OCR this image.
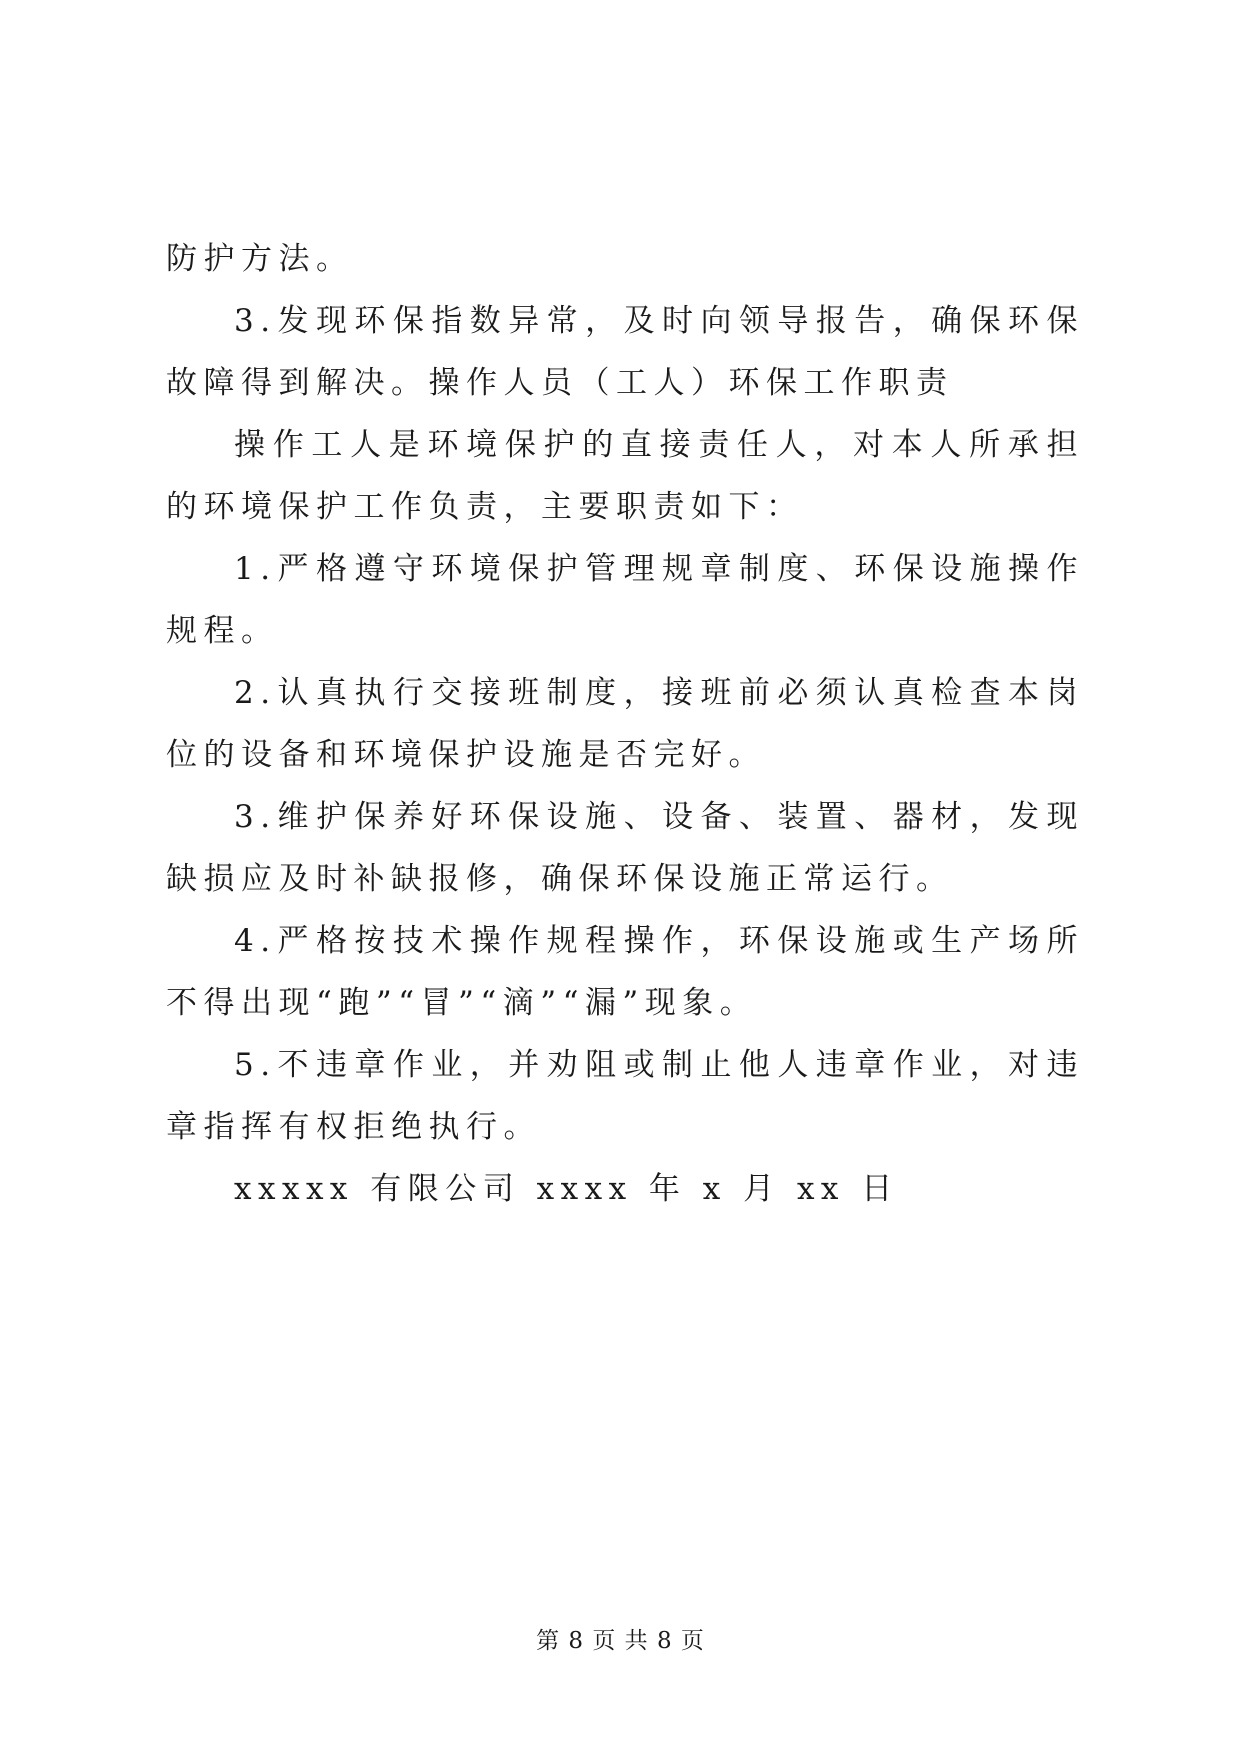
防护方法。

3.发现环保指数异常，及时向领导报告，确保环保故障得到解决。操作人员（工人）环保工作职责

操作工人是环境保护的直接责任人，对本人所承担的环境保护工作负责，主要职责如下：

1.严格遵守环境保护管理规章制度、环保设施操作规程。

2.认真执行交接班制度，接班前必须认真检查本岗位的设备和环境保护设施是否完好。

3.维护保养好环保设施、设备、装置、器材，发现缺损应及时补缺报修，确保环保设施正常运行。

4.严格按技术操作规程操作，环保设施或生产场所不得出现“跑”“冒”“滴”“漏”现象。

5.不违章作业，并劝阻或制止他人违章作业，对违章指挥有权拒绝执行。

xxxxx 有限公司 xxxx 年 x 月 xx 日

第 8 页 共 8 页
